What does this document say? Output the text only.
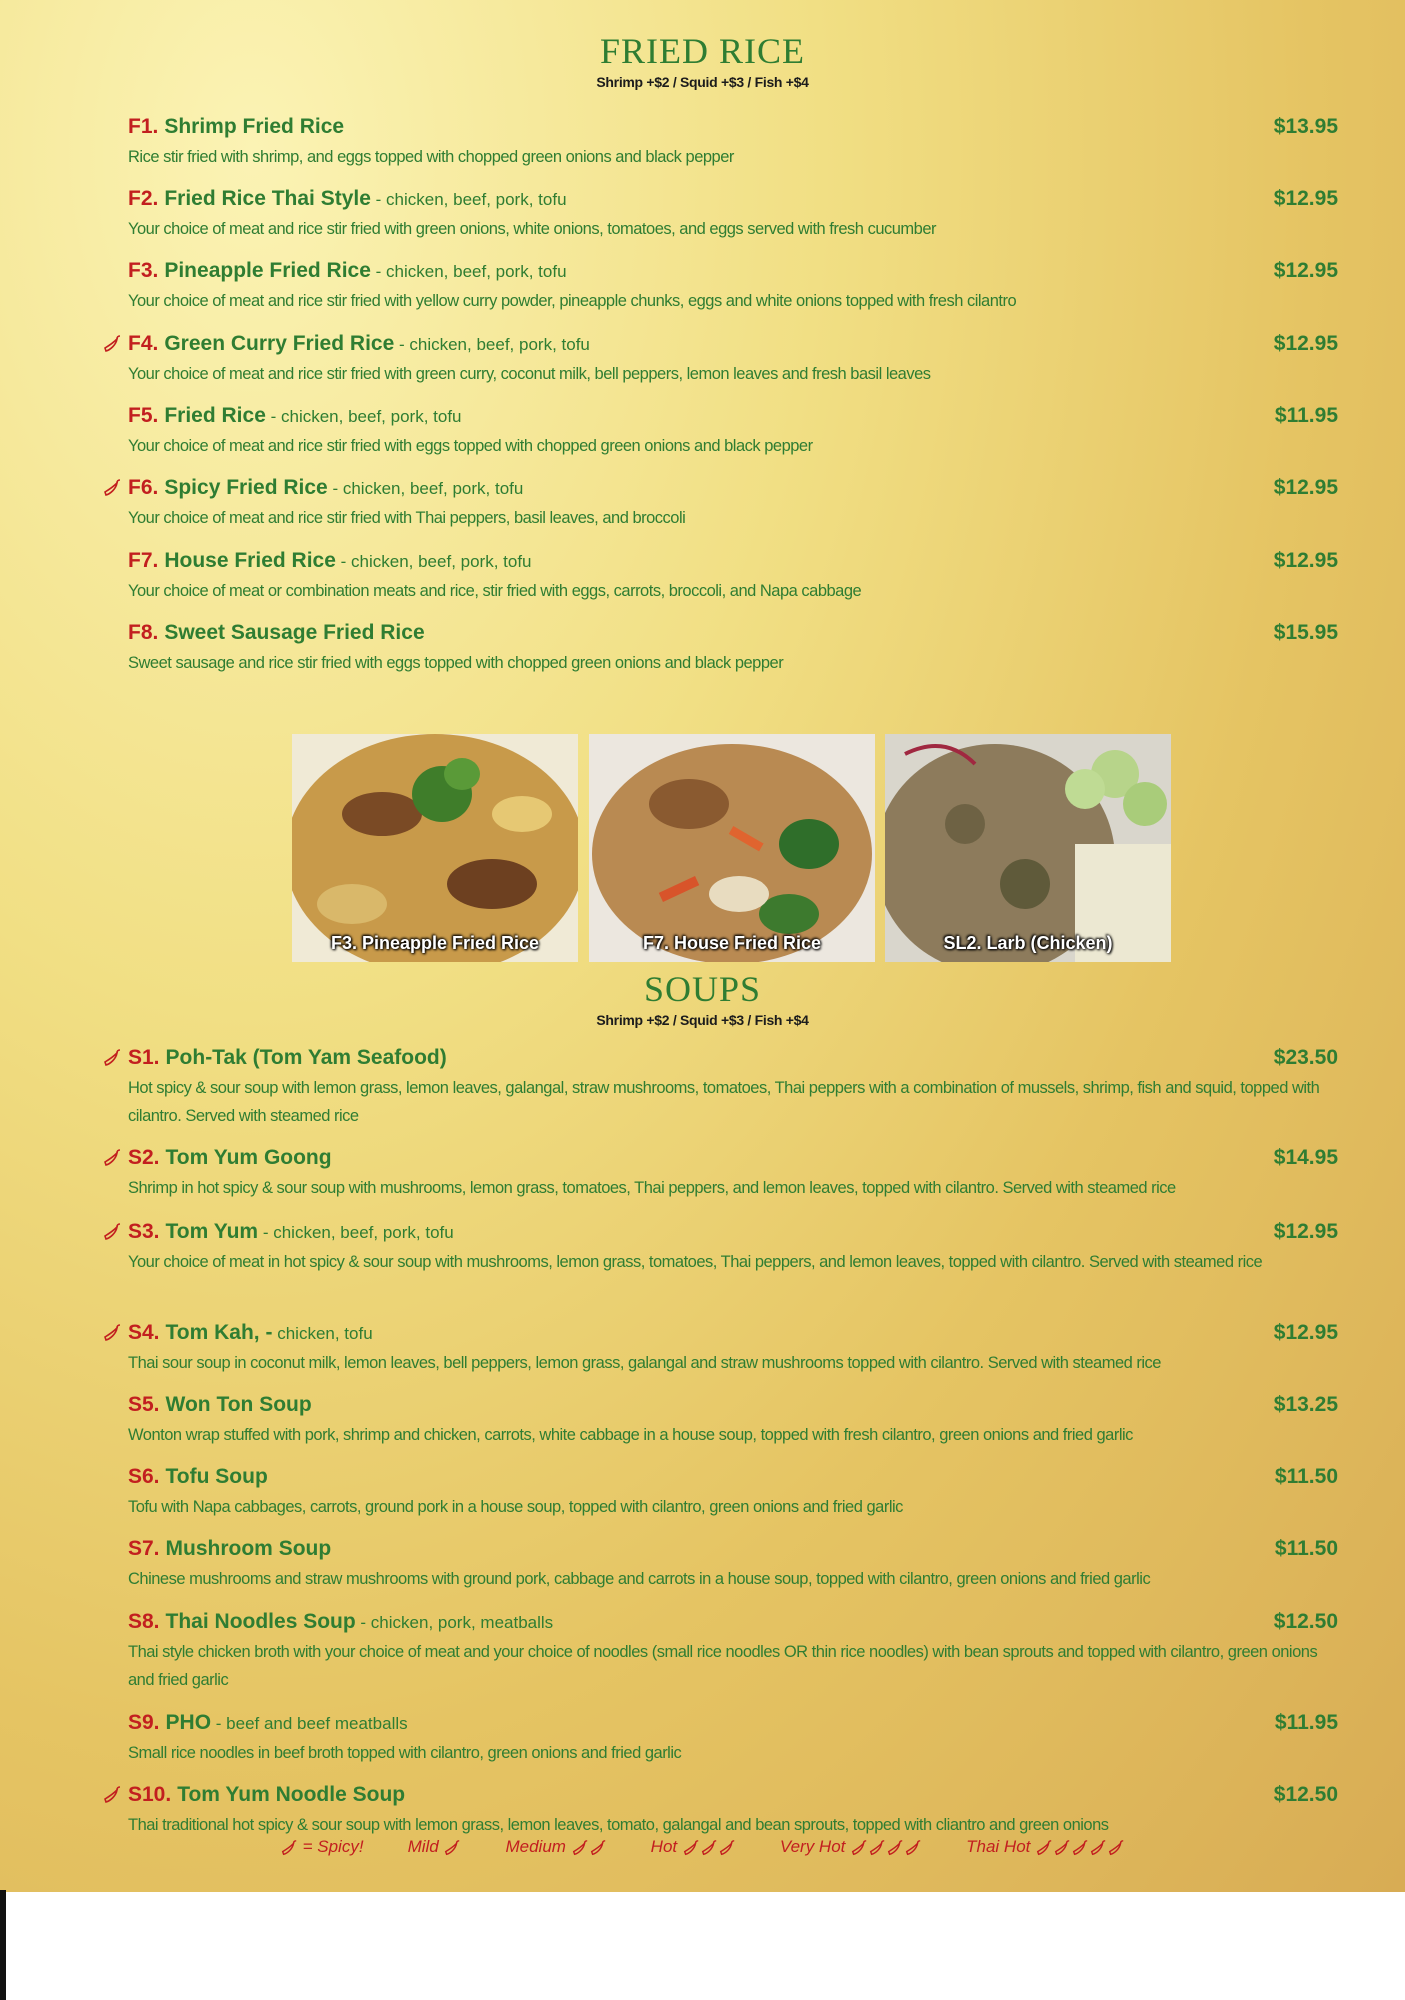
FRIED RICE
Shrimp +$2 / Squid +$3 / Fish +$4
F1. Shrimp Fried Rice	$13.95
Rice stir fried with shrimp, and eggs topped with chopped green onions and black pepper
F2. Fried Rice Thai Style - chicken, beef, pork, tofu	$12.95
Your choice of meat and rice stir fried with green onions, white onions, tomatoes, and eggs served with fresh cucumber
F3. Pineapple Fried Rice - chicken, beef, pork, tofu	$12.95
Your choice of meat and rice stir fried with yellow curry powder, pineapple chunks, eggs and white onions topped with fresh cilantro
F4. Green Curry Fried Rice - chicken, beef, pork, tofu	$12.95
Your choice of meat and rice stir fried with green curry, coconut milk, bell peppers, lemon leaves and fresh basil leaves
F5. Fried Rice - chicken, beef, pork, tofu	$11.95
Your choice of meat and rice stir fried with eggs topped with chopped green onions and black pepper
F6. Spicy Fried Rice - chicken, beef, pork, tofu	$12.95
Your choice of meat and rice stir fried with Thai peppers, basil leaves, and broccoli
F7. House Fried Rice - chicken, beef, pork, tofu	$12.95
Your choice of meat or combination meats and rice, stir fried with eggs, carrots, broccoli, and Napa cabbage
F8. Sweet Sausage Fried Rice	$15.95
Sweet sausage and rice stir fried with eggs topped with chopped green onions and black pepper
F3. Pineapple Fried Rice	F7. House Fried Rice	SL2. Larb (Chicken)
SOUPS
Shrimp +$2 / Squid +$3 / Fish +$4
S1. Poh-Tak (Tom Yam Seafood)	$23.50
Hot spicy & sour soup with lemon grass, lemon leaves, galangal, straw mushrooms, tomatoes, Thai peppers with a combination of mussels, shrimp, fish and squid, topped with cilantro. Served with steamed rice
S2. Tom Yum Goong	$14.95
Shrimp in hot spicy & sour soup with mushrooms, lemon grass, tomatoes, Thai peppers, and lemon leaves, topped with cilantro. Served with steamed rice
S3. Tom Yum - chicken, beef, pork, tofu	$12.95
Your choice of meat in hot spicy & sour soup with mushrooms, lemon grass, tomatoes, Thai peppers, and lemon leaves, topped with cilantro. Served with steamed rice
S4. Tom Kah, - chicken, tofu	$12.95
Thai sour soup in coconut milk, lemon leaves, bell peppers, lemon grass, galangal and straw mushrooms topped with cilantro. Served with steamed rice
S5. Won Ton Soup	$13.25
Wonton wrap stuffed with pork, shrimp and chicken, carrots, white cabbage in a house soup, topped with fresh cilantro, green onions and fried garlic
S6. Tofu Soup	$11.50
Tofu with Napa cabbages, carrots, ground pork in a house soup, topped with cilantro, green onions and fried garlic
S7. Mushroom Soup	$11.50
Chinese mushrooms and straw mushrooms with ground pork, cabbage and carrots in a house soup, topped with cilantro, green onions and fried garlic
S8. Thai Noodles Soup - chicken, pork, meatballs	$12.50
Thai style chicken broth with your choice of meat and your choice of noodles (small rice noodles OR thin rice noodles) with bean sprouts and topped with cilantro, green onions and fried garlic
S9. PHO - beef and beef meatballs	$11.95
Small rice noodles in beef broth topped with cilantro, green onions and fried garlic
S10. Tom Yum Noodle Soup	$12.50
Thai traditional hot spicy & sour soup with lemon grass, lemon leaves, tomato, galangal and bean sprouts, topped with cliantro and green onions
= Spicy!	Mild	Medium	Hot	Very Hot	Thai Hot
